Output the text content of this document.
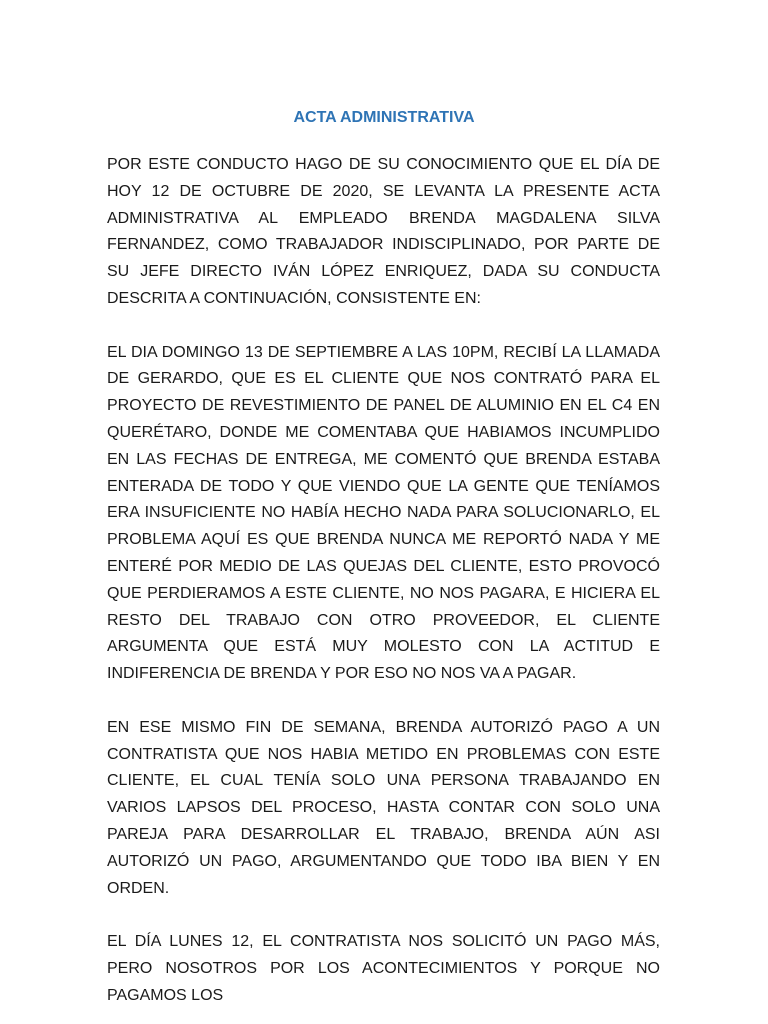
ACTA ADMINISTRATIVA

POR ESTE CONDUCTO HAGO DE SU CONOCIMIENTO QUE EL DÍA DE HOY 12 DE OCTUBRE DE 2020, SE LEVANTA LA PRESENTE ACTA ADMINISTRATIVA AL EMPLEADO BRENDA MAGDALENA SILVA FERNANDEZ, COMO TRABAJADOR INDISCIPLINADO, POR PARTE DE SU JEFE DIRECTO IVÁN LÓPEZ ENRIQUEZ, DADA SU CONDUCTA DESCRITA A CONTINUACIÓN, CONSISTENTE EN:

EL DIA DOMINGO 13 DE SEPTIEMBRE A LAS 10PM, RECIBÍ LA LLAMADA DE GERARDO, QUE ES EL CLIENTE QUE NOS CONTRATÓ PARA EL PROYECTO DE REVESTIMIENTO DE PANEL DE ALUMINIO EN EL C4 EN QUERÉTARO, DONDE ME COMENTABA QUE HABIAMOS INCUMPLIDO EN LAS FECHAS DE ENTREGA, ME COMENTÓ QUE BRENDA ESTABA ENTERADA DE TODO Y QUE VIENDO QUE LA GENTE QUE TENÍAMOS ERA INSUFICIENTE NO HABÍA HECHO NADA PARA SOLUCIONARLO, EL PROBLEMA AQUÍ ES QUE BRENDA NUNCA ME REPORTÓ NADA Y ME ENTERÉ POR MEDIO DE LAS QUEJAS DEL CLIENTE, ESTO PROVOCÓ QUE PERDIERAMOS A ESTE CLIENTE, NO NOS PAGARA, E HICIERA EL RESTO DEL TRABAJO CON OTRO PROVEEDOR, EL CLIENTE ARGUMENTA QUE ESTÁ MUY MOLESTO CON LA ACTITUD E INDIFERENCIA DE BRENDA Y POR ESO NO NOS VA A PAGAR.

EN ESE MISMO FIN DE SEMANA, BRENDA AUTORIZÓ PAGO A UN CONTRATISTA QUE NOS HABIA METIDO EN PROBLEMAS CON ESTE CLIENTE, EL CUAL TENÍA SOLO UNA PERSONA TRABAJANDO EN VARIOS LAPSOS DEL PROCESO, HASTA CONTAR CON SOLO UNA PAREJA PARA DESARROLLAR EL TRABAJO, BRENDA AÚN ASI AUTORIZÓ UN PAGO, ARGUMENTANDO QUE TODO IBA BIEN Y EN ORDEN.

EL DÍA LUNES 12, EL CONTRATISTA NOS SOLICITÓ UN PAGO MÁS, PERO NOSOTROS POR LOS ACONTECIMIENTOS Y PORQUE NO PAGAMOS LOS
